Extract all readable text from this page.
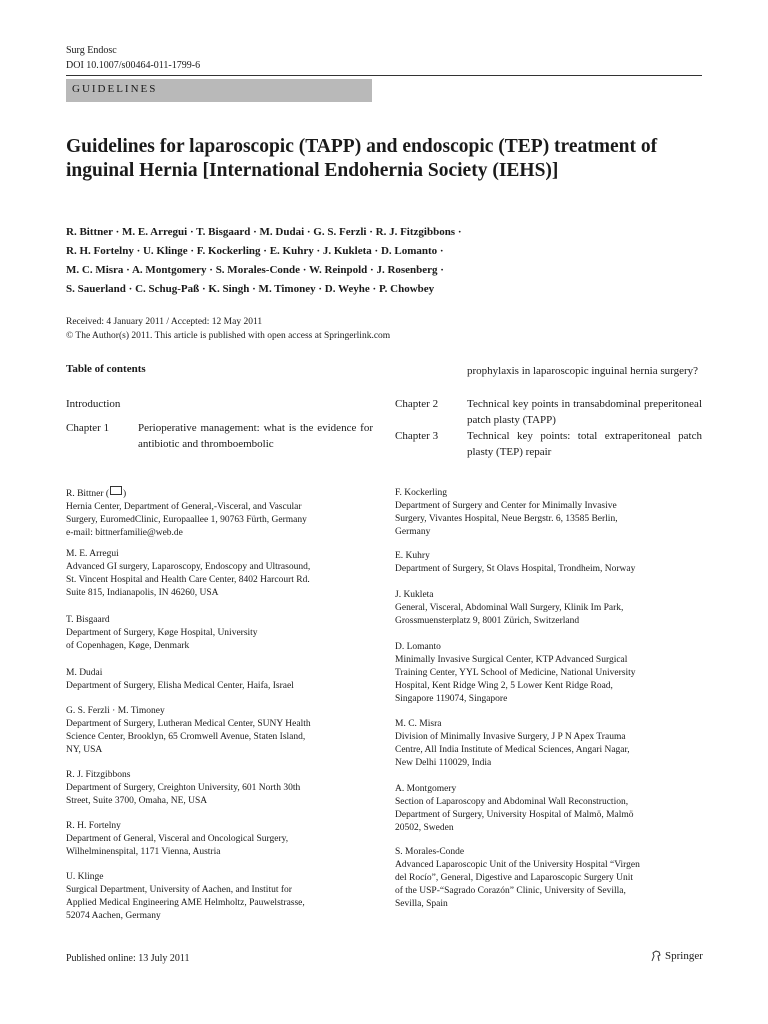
Surg Endosc
DOI 10.1007/s00464-011-1799-6
GUIDELINES
Guidelines for laparoscopic (TAPP) and endoscopic (TEP) treatment of inguinal Hernia [International Endohernia Society (IEHS)]
R. Bittner · M. E. Arregui · T. Bisgaard · M. Dudai · G. S. Ferzli · R. J. Fitzgibbons ·
R. H. Fortelny · U. Klinge · F. Kockerling · E. Kuhry · J. Kukleta · D. Lomanto ·
M. C. Misra · A. Montgomery · S. Morales-Conde · W. Reinpold · J. Rosenberg ·
S. Sauerland · C. Schug-Paß · K. Singh · M. Timoney · D. Weyhe · P. Chowbey
Received: 4 January 2011 / Accepted: 12 May 2011
© The Author(s) 2011. This article is published with open access at Springerlink.com
Table of contents
Introduction
Chapter 1	Perioperative management: what is the evidence for antibiotic and thromboembolic
prophylaxis in laparoscopic inguinal hernia surgery?
Chapter 2	Technical key points in transabdominal preperitoneal patch plasty (TAPP)
Chapter 3	Technical key points: total extraperitoneal patch plasty (TEP) repair
R. Bittner ( )
Hernia Center, Department of General,-Visceral, and Vascular
Surgery, EuromedClinic, Europaallee 1, 90763 Fürth, Germany
e-mail: bittnerfamilie@web.de
M. E. Arregui
Advanced GI surgery, Laparoscopy, Endoscopy and Ultrasound,
St. Vincent Hospital and Health Care Center, 8402 Harcourt Rd.
Suite 815, Indianapolis, IN 46260, USA
T. Bisgaard
Department of Surgery, Køge Hospital, University
of Copenhagen, Køge, Denmark
M. Dudai
Department of Surgery, Elisha Medical Center, Haifa, Israel
G. S. Ferzli · M. Timoney
Department of Surgery, Lutheran Medical Center, SUNY Health
Science Center, Brooklyn, 65 Cromwell Avenue, Staten Island,
NY, USA
R. J. Fitzgibbons
Department of Surgery, Creighton University, 601 North 30th
Street, Suite 3700, Omaha, NE, USA
R. H. Fortelny
Department of General, Visceral and Oncological Surgery,
Wilhelminenspital, 1171 Vienna, Austria
U. Klinge
Surgical Department, University of Aachen, and Institut for
Applied Medical Engineering AME Helmholtz, Pauwelstrasse,
52074 Aachen, Germany
F. Kockerling
Department of Surgery and Center for Minimally Invasive
Surgery, Vivantes Hospital, Neue Bergstr. 6, 13585 Berlin,
Germany
E. Kuhry
Department of Surgery, St Olavs Hospital, Trondheim, Norway
J. Kukleta
General, Visceral, Abdominal Wall Surgery, Klinik Im Park,
Grossmuensterplatz 9, 8001 Zürich, Switzerland
D. Lomanto
Minimally Invasive Surgical Center, KTP Advanced Surgical
Training Center, YYL School of Medicine, National University
Hospital, Kent Ridge Wing 2, 5 Lower Kent Ridge Road,
Singapore 119074, Singapore
M. C. Misra
Division of Minimally Invasive Surgery, J P N Apex Trauma
Centre, All India Institute of Medical Sciences, Angari Nagar,
New Delhi 110029, India
A. Montgomery
Section of Laparoscopy and Abdominal Wall Reconstruction,
Department of Surgery, University Hospital of Malmö, Malmö
20502, Sweden
S. Morales-Conde
Advanced Laparoscopic Unit of the University Hospital “Virgen
del Rocío”, General, Digestive and Laparoscopic Surgery Unit
of the USP-“Sagrado Corazón” Clinic, University of Sevilla,
Sevilla, Spain
Published online: 13 July 2011	Springer
